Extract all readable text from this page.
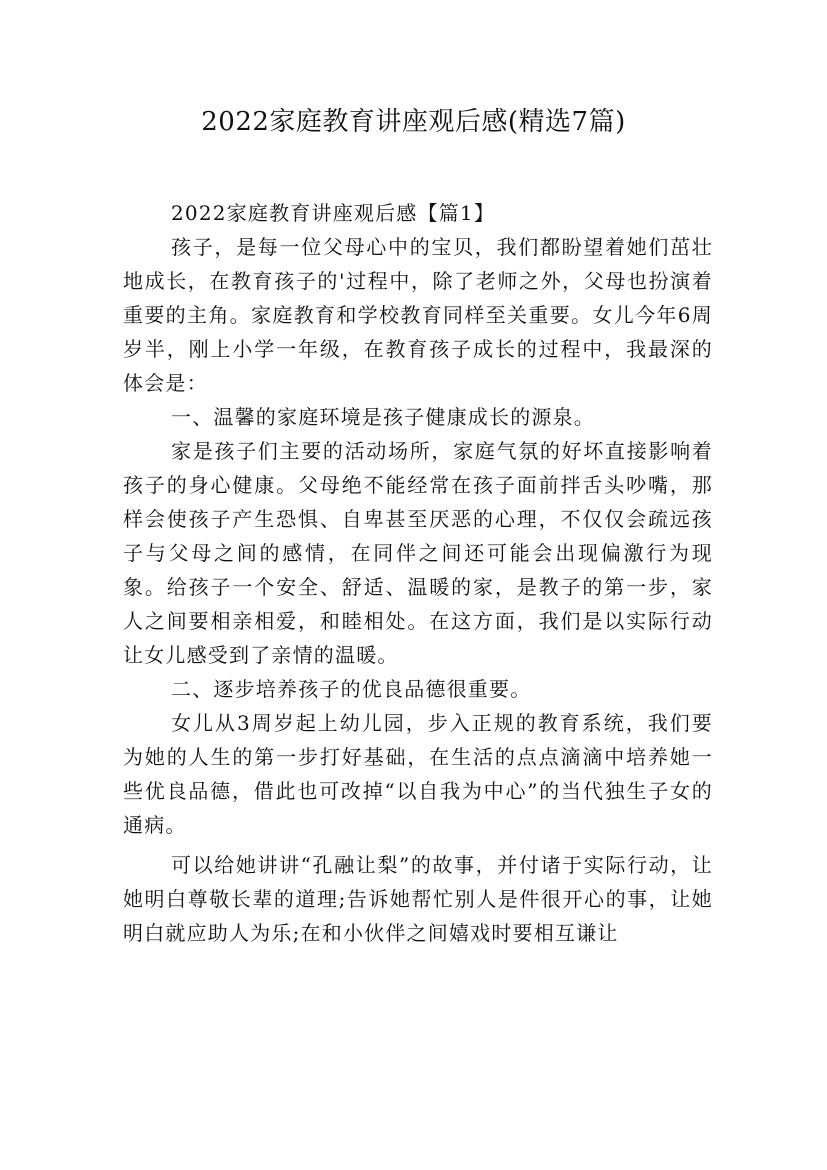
2022家庭教育讲座观后感(精选7篇)

2022家庭教育讲座观后感【篇1】

孩子，是每一位父母心中的宝贝，我们都盼望着她们茁壮地成长，在教育孩子的'过程中，除了老师之外，父母也扮演着重要的主角。家庭教育和学校教育同样至关重要。女儿今年6周岁半，刚上小学一年级，在教育孩子成长的过程中，我最深的体会是：

一、温馨的家庭环境是孩子健康成长的源泉。

家是孩子们主要的活动场所，家庭气氛的好坏直接影响着孩子的身心健康。父母绝不能经常在孩子面前拌舌头吵嘴，那样会使孩子产生恐惧、自卑甚至厌恶的心理，不仅仅会疏远孩子与父母之间的感情，在同伴之间还可能会出现偏激行为现象。给孩子一个安全、舒适、温暖的家，是教子的第一步，家人之间要相亲相爱，和睦相处。在这方面，我们是以实际行动让女儿感受到了亲情的温暖。

二、逐步培养孩子的优良品德很重要。

女儿从3周岁起上幼儿园，步入正规的教育系统，我们要为她的人生的第一步打好基础，在生活的点点滴滴中培养她一些优良品德，借此也可改掉“以自我为中心”的当代独生子女的通病。

可以给她讲讲“孔融让梨”的故事，并付诸于实际行动，让她明白尊敬长辈的道理;告诉她帮忙别人是件很开心的事，让她明白就应助人为乐;在和小伙伴之间嬉戏时要相互谦让
